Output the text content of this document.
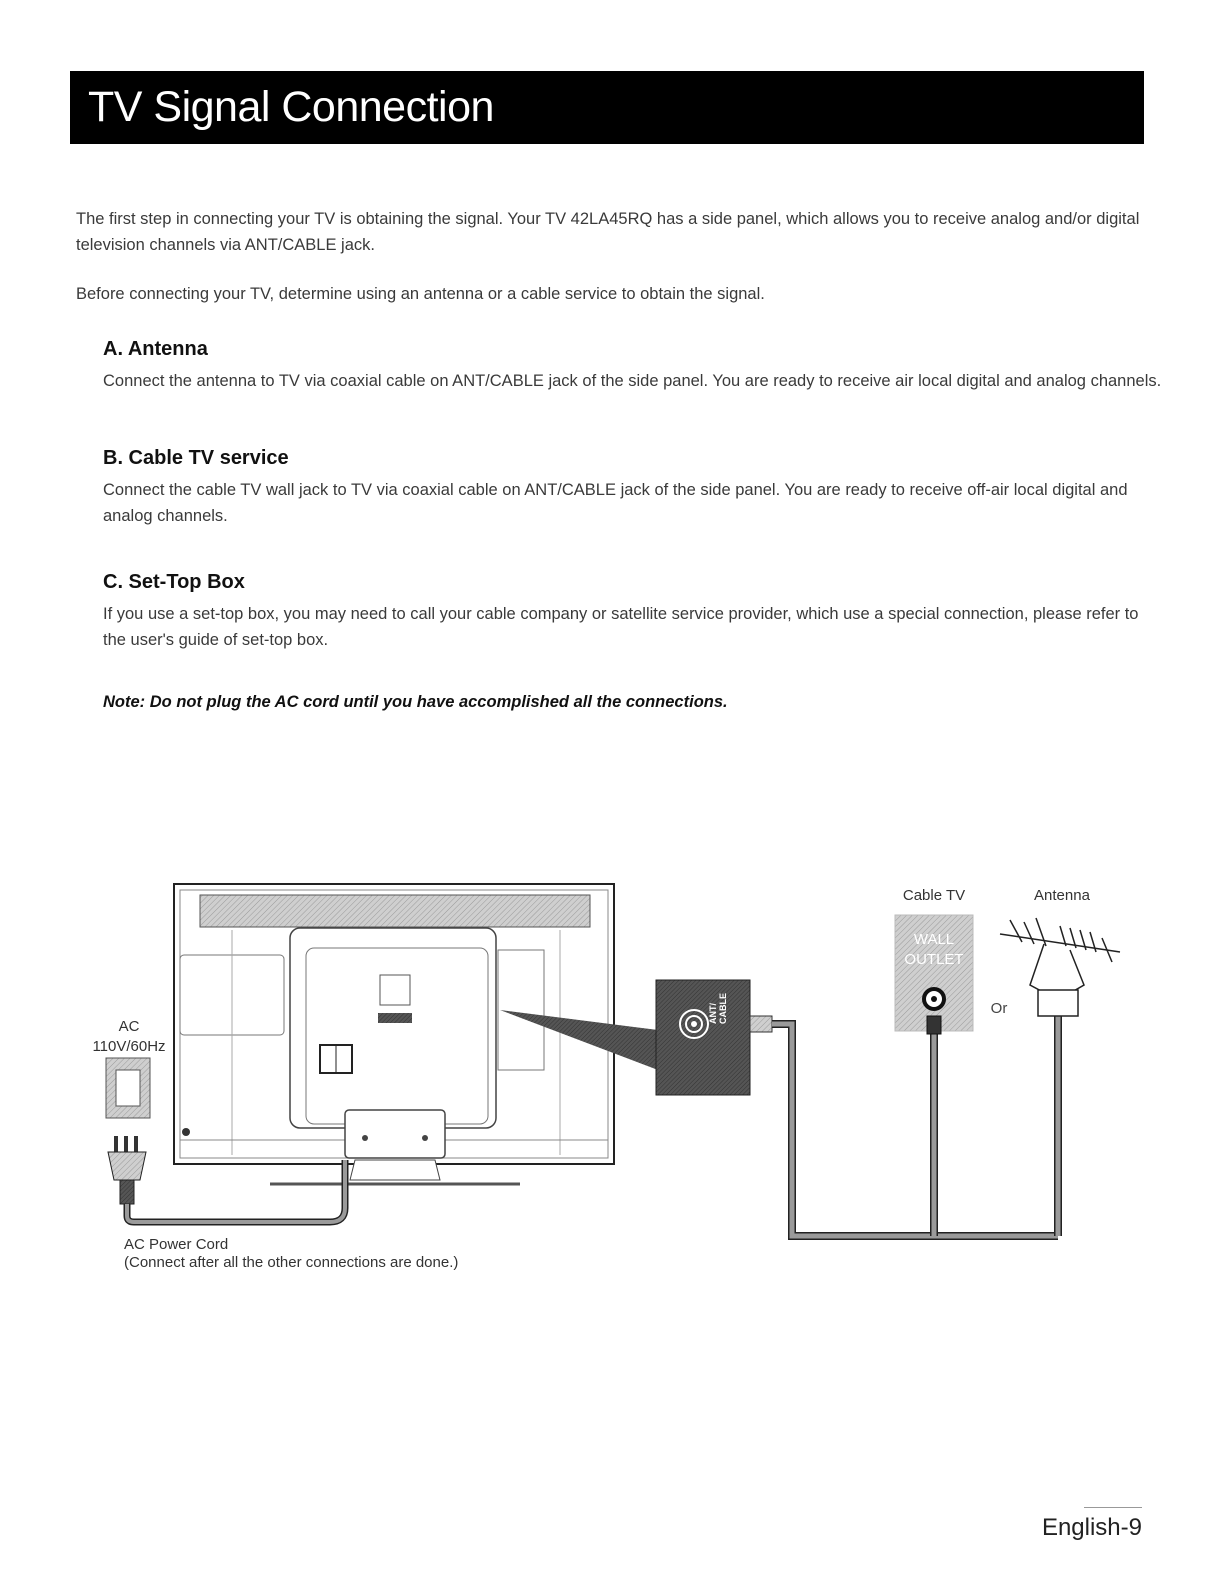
TV Signal Connection

The first step in connecting your TV is obtaining the signal. Your TV 42LA45RQ has a side panel, which allows you to receive analog and/or digital television channels via ANT/CABLE jack.

Before connecting your TV, determine using an antenna or a cable service to obtain the signal.

A. Antenna

Connect the antenna to TV via coaxial cable on ANT/CABLE jack of the side panel. You are ready to receive air local digital and analog channels.

B. Cable TV service

Connect the cable TV wall jack to TV via coaxial cable on ANT/CABLE jack of the side panel. You are ready to receive off-air local digital and analog channels.

C. Set-Top Box

If you use a set-top box, you may need to call your cable company or satellite service provider, which use a special connection, please refer to the user's guide of set-top box.

Note: Do not plug the AC cord until you have accomplished all the connections.

ANT/ CABLE
Cable TV
WALL
OUTLET
Or
Antenna
AC
110V/60Hz
AC Power Cord
(Connect after all the other connections are done.)
English-9
